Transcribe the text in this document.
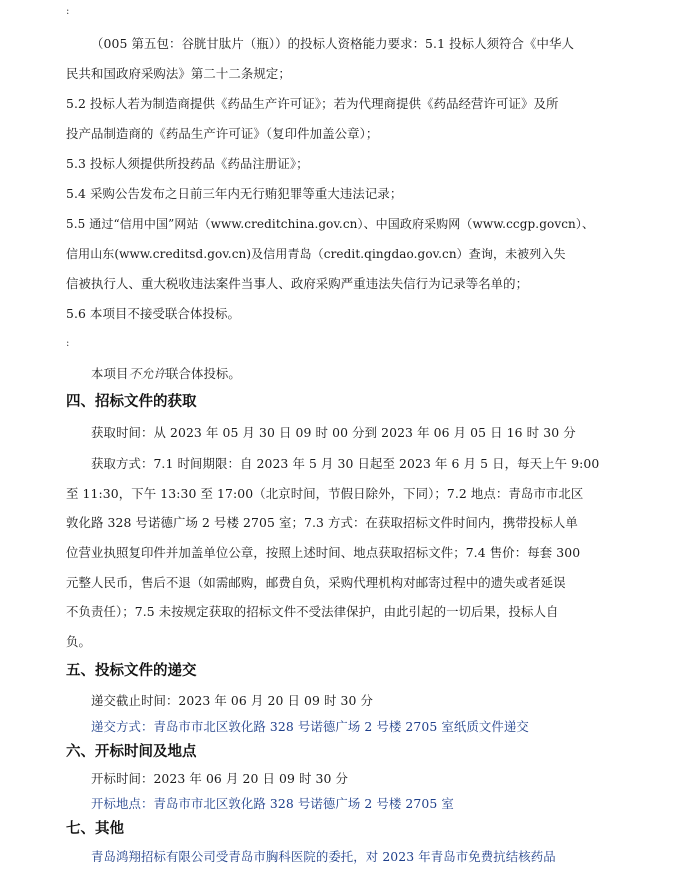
:
（005 第五包：谷胱甘肽片（瓶））的投标人资格能力要求：5.1 投标人须符合《中华人
民共和国政府采购法》第二十二条规定；
5.2 投标人若为制造商提供《药品生产许可证》；若为代理商提供《药品经营许可证》及所
投产品制造商的《药品生产许可证》（复印件加盖公章）；
5.3 投标人须提供所投药品《药品注册证》；
5.4 采购公告发布之日前三年内无行贿犯罪等重大违法记录；
5.5 通过“信用中国”网站（www.creditchina.gov.cn）、中国政府采购网（www.ccgp.govcn）、
信用山东(www.creditsd.gov.cn)及信用青岛（credit.qingdao.gov.cn）查询，未被列入失
信被执行人、重大税收违法案件当事人、政府采购严重违法失信行为记录等名单的；
5.6 本项目不接受联合体投标。
:
本项目不允许联合体投标。
四、招标文件的获取
获取时间：从 2023 年 05 月 30 日 09 时 00 分到 2023 年 06 月 05 日 16 时 30 分
获取方式：7.1 时间期限：自 2023 年 5 月 30 日起至 2023 年 6 月 5 日，每天上午 9:00
至 11:30，下午 13:30 至 17:00（北京时间，节假日除外，下同）；7.2 地点：青岛市市北区
敦化路 328 号诺德广场 2 号楼 2705 室；7.3 方式：在获取招标文件时间内，携带投标人单
位营业执照复印件并加盖单位公章，按照上述时间、地点获取招标文件；7.4 售价：每套 300
元整人民币，售后不退（如需邮购，邮费自负，采购代理机构对邮寄过程中的遗失或者延误
不负责任）；7.5 未按规定获取的招标文件不受法律保护，由此引起的一切后果，投标人自
负。
五、投标文件的递交
递交截止时间：2023 年 06 月 20 日 09 时 30 分
递交方式：青岛市市北区敦化路 328 号诺德广场 2 号楼 2705 室纸质文件递交
六、开标时间及地点
开标时间：2023 年 06 月 20 日 09 时 30 分
开标地点：青岛市市北区敦化路 328 号诺德广场 2 号楼 2705 室
七、其他
青岛鸿翔招标有限公司受青岛市胸科医院的委托，对 2023 年青岛市免费抗结核药品
